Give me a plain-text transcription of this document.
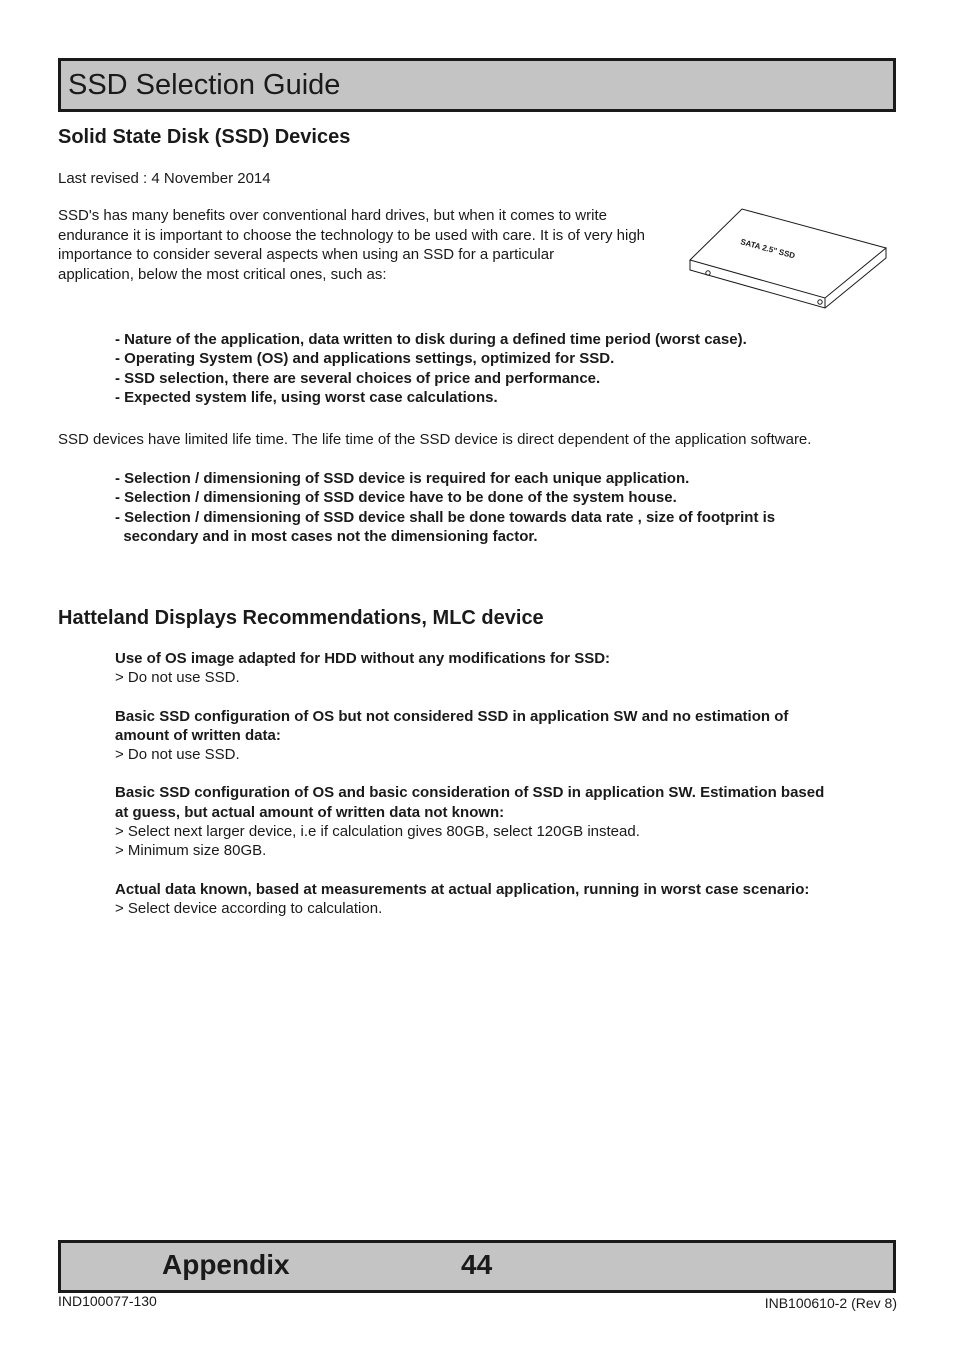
SSD Selection Guide
Solid State Disk (SSD) Devices
Last revised : 4 November 2014
SSD's has many benefits over conventional hard drives, but when it comes to write
endurance it is important to choose the technology to be used with care. It is of very high
importance to consider several aspects when using an SSD for a particular
application, below the most critical ones, such as:
SATA 2.5" SSD
- Nature of the application, data written to disk during a defined time period (worst case).
- Operating System (OS) and applications settings, optimized for SSD.
- SSD selection, there are several choices of price and performance.
- Expected system life, using worst case calculations.
SSD devices have limited life time. The life time of the SSD device is direct dependent of the application software.
- Selection / dimensioning of SSD device is required for each unique application.
- Selection / dimensioning of SSD device have to be done of the system house.
- Selection / dimensioning of SSD device shall be done towards data rate , size of footprint is
secondary and in most cases not the dimensioning factor.
Hatteland Displays Recommendations, MLC device
Use of OS image adapted for HDD without any modifications for SSD:
> Do not use SSD.
Basic SSD configuration of OS but not considered SSD in application SW and no estimation of
amount of written data:
> Do not use SSD.
Basic SSD configuration of OS and basic consideration of SSD in application SW. Estimation based
at guess, but actual amount of written data not known:
> Select next larger device, i.e if calculation gives 80GB, select 120GB instead.
> Minimum size 80GB.
Actual data known, based at measurements at actual application, running in worst case scenario:
> Select device according to calculation.
Appendix	44
IND100077-130	INB100610-2 (Rev 8)
